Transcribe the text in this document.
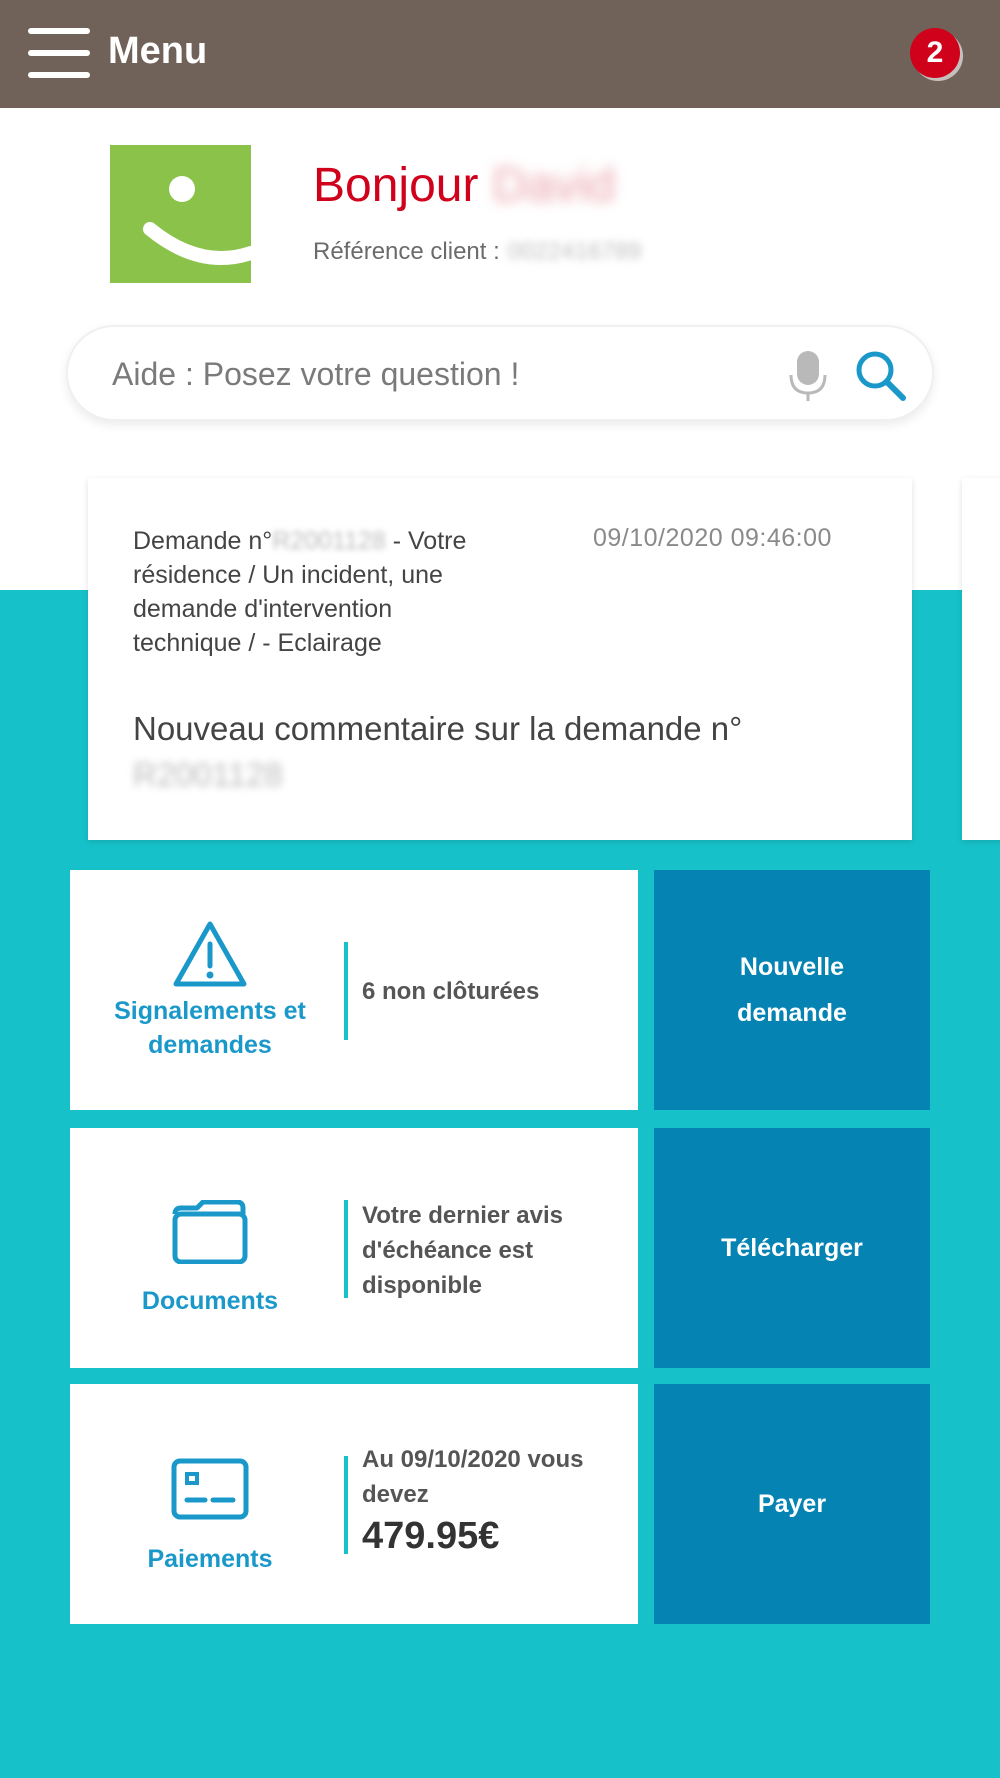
Menu	2
Bonjour David
Référence client : 0022416789
Aide : Posez votre question !
Demande n°R2001128 - Votre résidence / Un incident, une demande d'intervention technique / - Eclairage
09/10/2020 09:46:00
Nouveau commentaire sur la demande n°R2001128
Signalements et demandes
6 non clôturées
Nouvelle demande
Documents
Votre dernier avis d'échéance est disponible
Télécharger
Paiements
Au 09/10/2020 vous devez
479.95€
Payer
